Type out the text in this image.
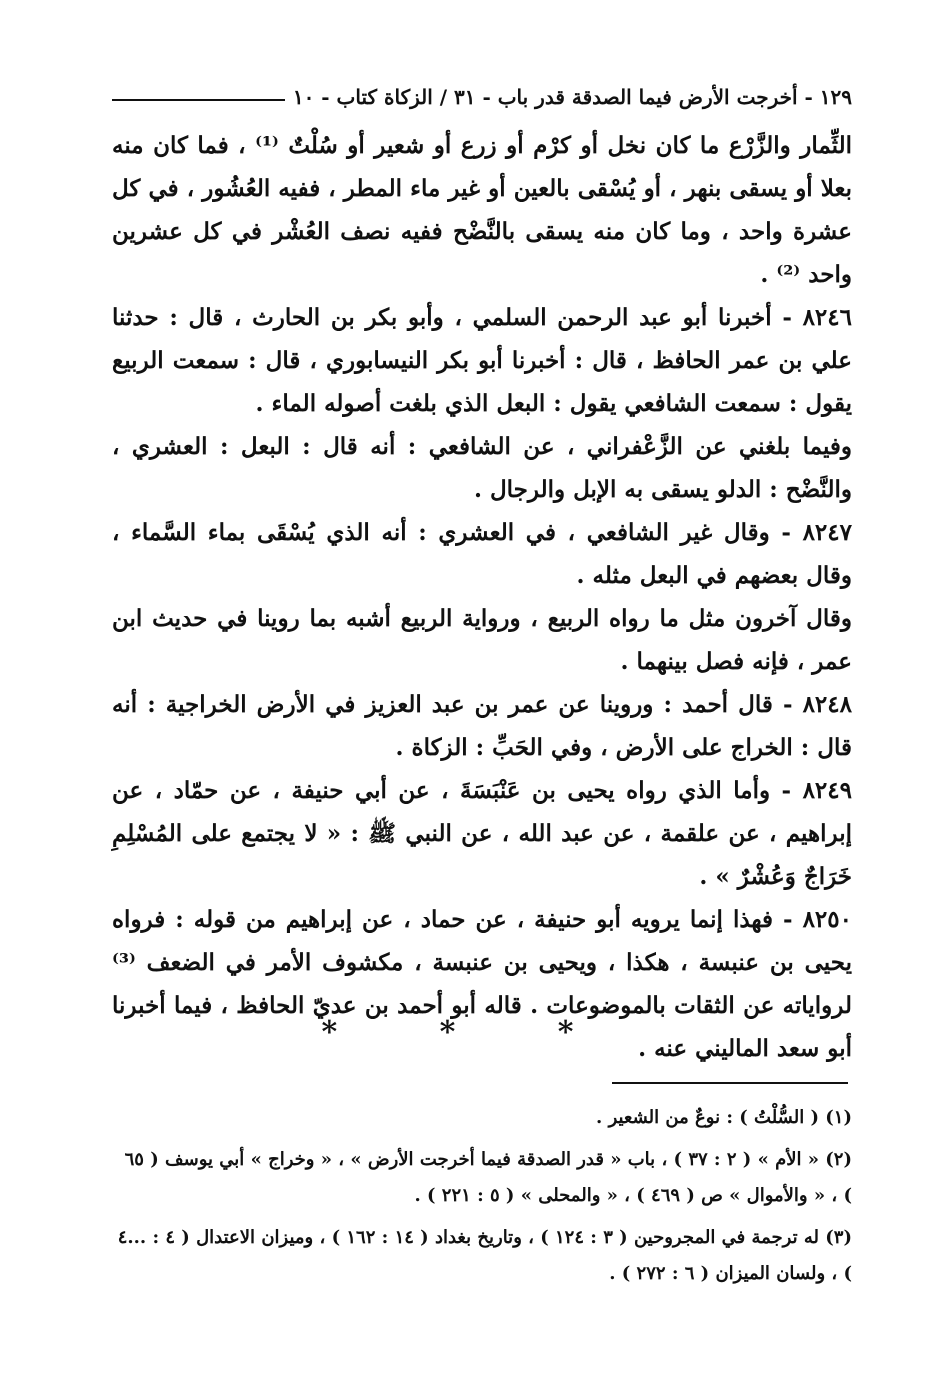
١٢٩ - أخرجت الأرض فيما الصدقة قدر باب - ٣١ / الزكاة كتاب - ١٠

الثِّمار والزَّرْع ما كان نخل أو كرْم أو زرع أو شعير أو سُلْتٌ ⁽¹⁾ ، فما كان منه بعلا أو يسقى بنهر ، أو يُسْقى بالعين أو غير ماء المطر ، ففيه العُشُور ، في كل عشرة واحد ، وما كان منه يسقى بالنَّضْح ففيه نصف العُشْر في كل عشرين واحد ⁽²⁾ .

٨٢٤٦ - أخبرنا أبو عبد الرحمن السلمي ، وأبو بكر بن الحارث ، قال : حدثنا علي بن عمر الحافظ ، قال : أخبرنا أبو بكر النيسابوري ، قال : سمعت الربيع يقول : سمعت الشافعي يقول : البعل الذي بلغت أصوله الماء .

وفيما بلغني عن الزَّعْفراني ، عن الشافعي : أنه قال : البعل : العشري ، والنَّضْح : الدلو يسقى به الإبل والرجال .

٨٢٤٧ - وقال غير الشافعي ، في العشري : أنه الذي يُسْقَى بماء السَّماء ، وقال بعضهم في البعل مثله .

وقال آخرون مثل ما رواه الربيع ، ورواية الربيع أشبه بما روينا في حديث ابن عمر ، فإنه فصل بينهما .

٨٢٤٨ - قال أحمد : وروينا عن عمر بن عبد العزيز في الأرض الخراجية : أنه قال : الخراج على الأرض ، وفي الحَبِّ : الزكاة .

٨٢٤٩ - وأما الذي رواه يحيى بن عَنْبَسَةَ ، عن أبي حنيفة ، عن حمّاد ، عن إبراهيم ، عن علقمة ، عن عبد الله ، عن النبي ﷺ : « لا يجتمع على المُسْلِمِ خَرَاجٌ وَعُشْرٌ » .

٨٢٥٠ - فهذا إنما يرويه أبو حنيفة ، عن حماد ، عن إبراهيم من قوله : فرواه يحيى بن عنبسة ، هكذا ، ويحيى بن عنبسة ، مكشوف الأمر في الضعف ⁽³⁾ لرواياته عن الثقات بالموضوعات . قاله أبو أحمد بن عديّ الحافظ ، فيما أخبرنا أبو سعد الماليني عنه .

* * *

(١) ( السُّلْتُ ) : نوعٌ من الشعير .

(٢) « الأم » ( ٢ : ٣٧ ) ، باب « قدر الصدقة فيما أخرجت الأرض » ، « وخراج » أبي يوسف ( ٦٥ ) ، « والأموال » ص ( ٤٦٩ ) ، « والمحلى » ( ٥ : ٢٢١ ) .

(٣) له ترجمة في المجروحين ( ٣ : ١٢٤ ) ، وتاريخ بغداد ( ١٤ : ١٦٢ ) ، وميزان الاعتدال ( ٤ : ...٤ ) ، ولسان الميزان ( ٦ : ٢٧٢ ) .
